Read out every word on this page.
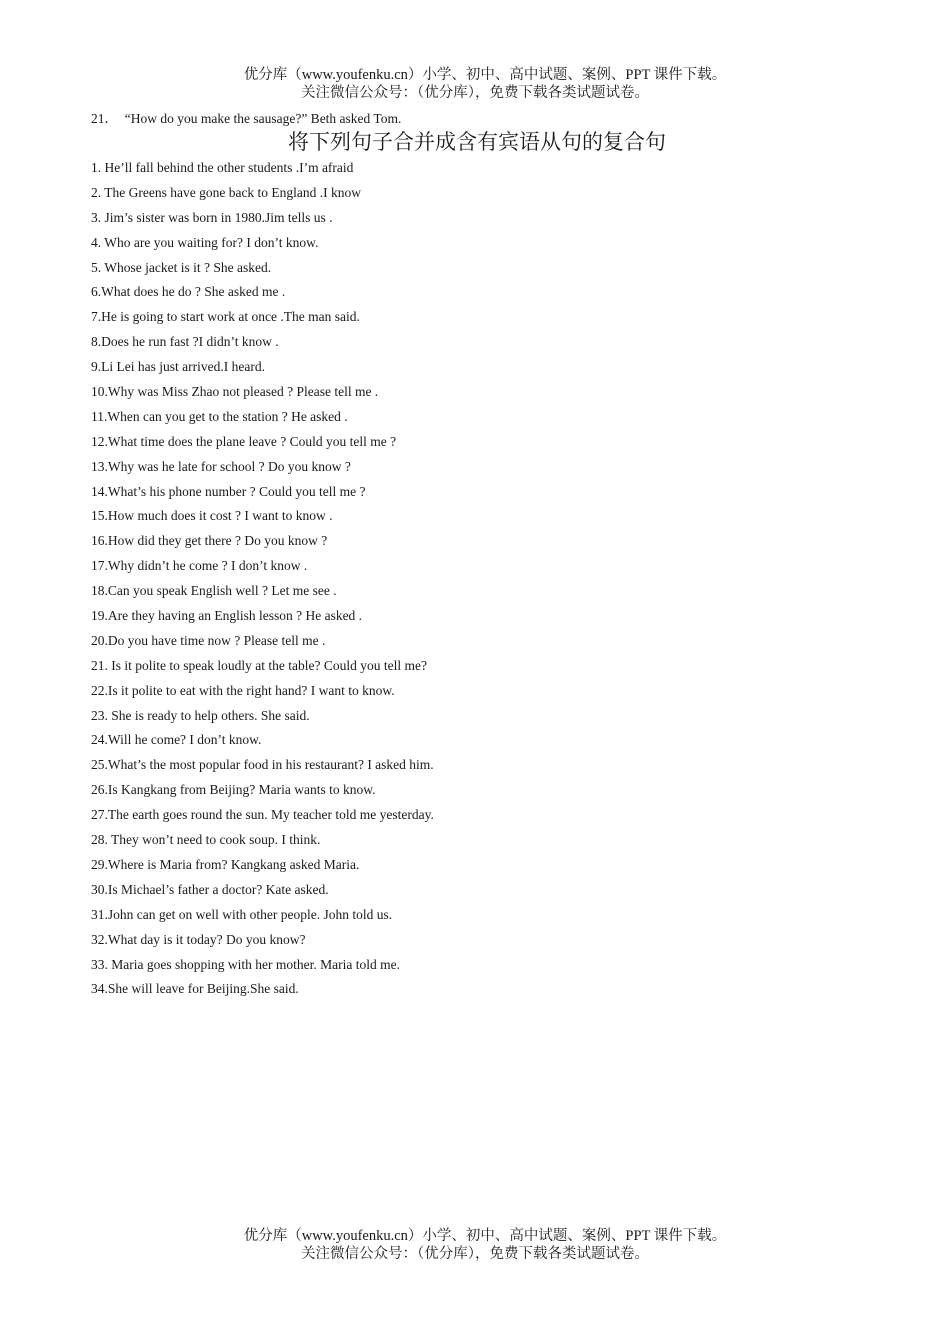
优分库（www.youfenku.cn）小学、初中、高中试题、案例、PPT 课件下载。
关注微信公众号：（优分库），免费下载各类试题试卷。
21．  “How do you make the sausage?” Beth asked Tom.
将下列句子合并成含有宾语从句的复合句
1. He’ll fall behind the other students .I’m afraid
2. The Greens have gone back to England .I know
3. Jim’s sister was born in 1980.Jim tells us .
4. Who are you waiting for? I don’t know.
5. Whose jacket is it ? She asked.
6.What does he do ? She asked me .
7.He is going to start work at once .The man said.
8.Does he run fast ?I didn’t know .
9.Li Lei has just arrived.I heard.
10.Why was Miss Zhao not pleased ? Please tell me .
11.When can you get to the station ? He asked .
12.What time does the plane leave ? Could you tell me ?
13.Why was he late for school ? Do you know ?
14.What’s his phone number ? Could you tell me ?
15.How much does it cost ? I want to know .
16.How did they get there ? Do you know ?
17.Why didn’t he come ? I don’t know .
18.Can you speak English well ? Let me see .
19.Are they having an English lesson ? He asked .
20.Do you have time now ? Please tell me .
21. Is it polite to speak loudly at the table? Could you tell me?
22.Is it polite to eat with the right hand? I want to know.
23. She is ready to help others. She said.
24.Will he come? I don’t know.
25.What’s the most popular food in his restaurant? I asked him.
26.Is Kangkang from Beijing? Maria wants to know.
27.The earth goes round the sun. My teacher told me yesterday.
28. They won’t need to cook soup. I think.
29.Where is Maria from? Kangkang asked Maria.
30.Is Michael’s father a doctor? Kate asked.
31.John can get on well with other people. John told us.
32.What day is it today? Do you know?
33. Maria goes shopping with her mother. Maria told me.
34.She will leave for Beijing.She said.
优分库（www.youfenku.cn）小学、初中、高中试题、案例、PPT 课件下载。
关注微信公众号：（优分库），免费下载各类试题试卷。
